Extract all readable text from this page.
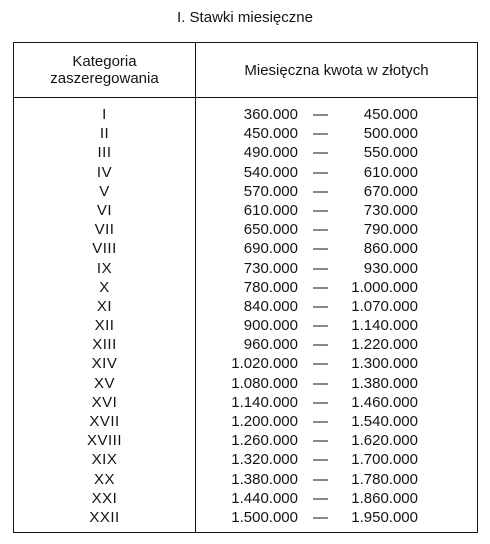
I. Stawki miesięczne
Kategoria
zaszeregowania	Miesięczna kwota w złotych
I	360.000	—	450.000
II	450.000	—	500.000
III	490.000	—	550.000
IV	540.000	—	610.000
V	570.000	—	670.000
VI	610.000	—	730.000
VII	650.000	—	790.000
VIII	690.000	—	860.000
IX	730.000	—	930.000
X	780.000	—	1.000.000
XI	840.000	—	1.070.000
XII	900.000	—	1.140.000
XIII	960.000	—	1.220.000
XIV	1.020.000	—	1.300.000
XV	1.080.000	—	1.380.000
XVI	1.140.000	—	1.460.000
XVII	1.200.000	—	1.540.000
XVIII	1.260.000	—	1.620.000
XIX	1.320.000	—	1.700.000
XX	1.380.000	—	1.780.000
XXI	1.440.000	—	1.860.000
XXII	1.500.000	—	1.950.000
